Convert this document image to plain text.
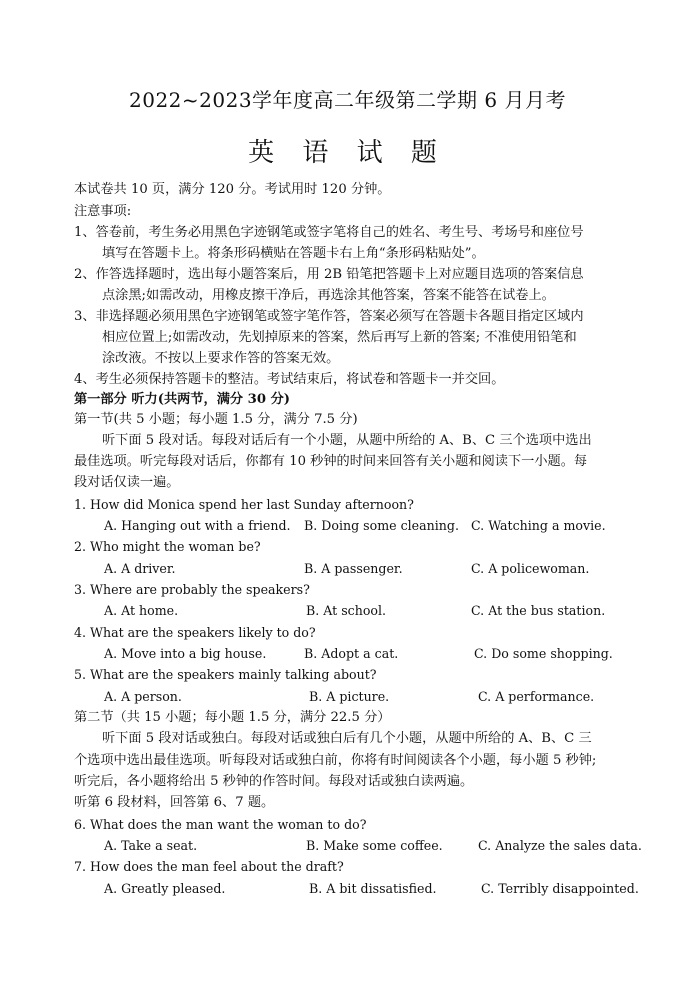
2022~2023学年度高二年级第二学期 6 月月考
英 语 试 题
本试卷共 10 页，满分 120 分。考试用时 120 分钟。
注意事项:
1、答卷前，考生务必用黑色字迹钢笔或签字笔将自己的姓名、考生号、考场号和座位号
填写在答题卡上。将条形码横贴在答题卡右上角“条形码粘贴处”。
2、作答选择题时，选出每小题答案后，用 2B 铅笔把答题卡上对应题目选项的答案信息
点涂黑;如需改动，用橡皮擦干净后，再选涂其他答案，答案不能答在试卷上。
3、非选择题必须用黑色字迹钢笔或签字笔作答，答案必须写在答题卡各题目指定区域内
相应位置上;如需改动，先划掉原来的答案，然后再写上新的答案; 不准使用铅笔和
涂改液。不按以上要求作答的答案无效。
4、考生必须保持答题卡的整洁。考试结束后，将试卷和答题卡一并交回。
第一部分 听力(共两节，满分 30 分)
第一节(共 5 小题；每小题 1.5 分，满分 7.5 分)
听下面 5 段对话。每段对话后有一个小题，从题中所给的 A、B、C 三个选项中选出
最佳选项。听完每段对话后，你都有 10 秒钟的时间来回答有关小题和阅读下一小题。每
段对话仅读一遍。
1. How did Monica spend her last Sunday afternoon?
A. Hanging out with a friend. B. Doing some cleaning. C. Watching a movie.
2. Who might the woman be?
A. A driver.	B. A passenger.	C. A policewoman.
3. Where are probably the speakers?
A. At home.	B. At school.	C. At the bus station.
4. What are the speakers likely to do?
A. Move into a big house.	B. Adopt a cat.	C. Do some shopping.
5. What are the speakers mainly talking about?
A. A person.	B. A picture.	C. A performance.
第二节（共 15 小题；每小题 1.5 分，满分 22.5 分）
听下面 5 段对话或独白。每段对话或独白后有几个小题，从题中所给的 A、B、C 三
个选项中选出最佳选项。听每段对话或独白前，你将有时间阅读各个小题，每小题 5 秒钟;
听完后，各小题将给出 5 秒钟的作答时间。每段对话或独白读两遍。
听第 6 段材料，回答第 6、7 题。
6. What does the man want the woman to do?
A. Take a seat.	B. Make some coffee.	C. Analyze the sales data.
7. How does the man feel about the draft?
A. Greatly pleased.	B. A bit dissatisfied.	C. Terribly disappointed.
